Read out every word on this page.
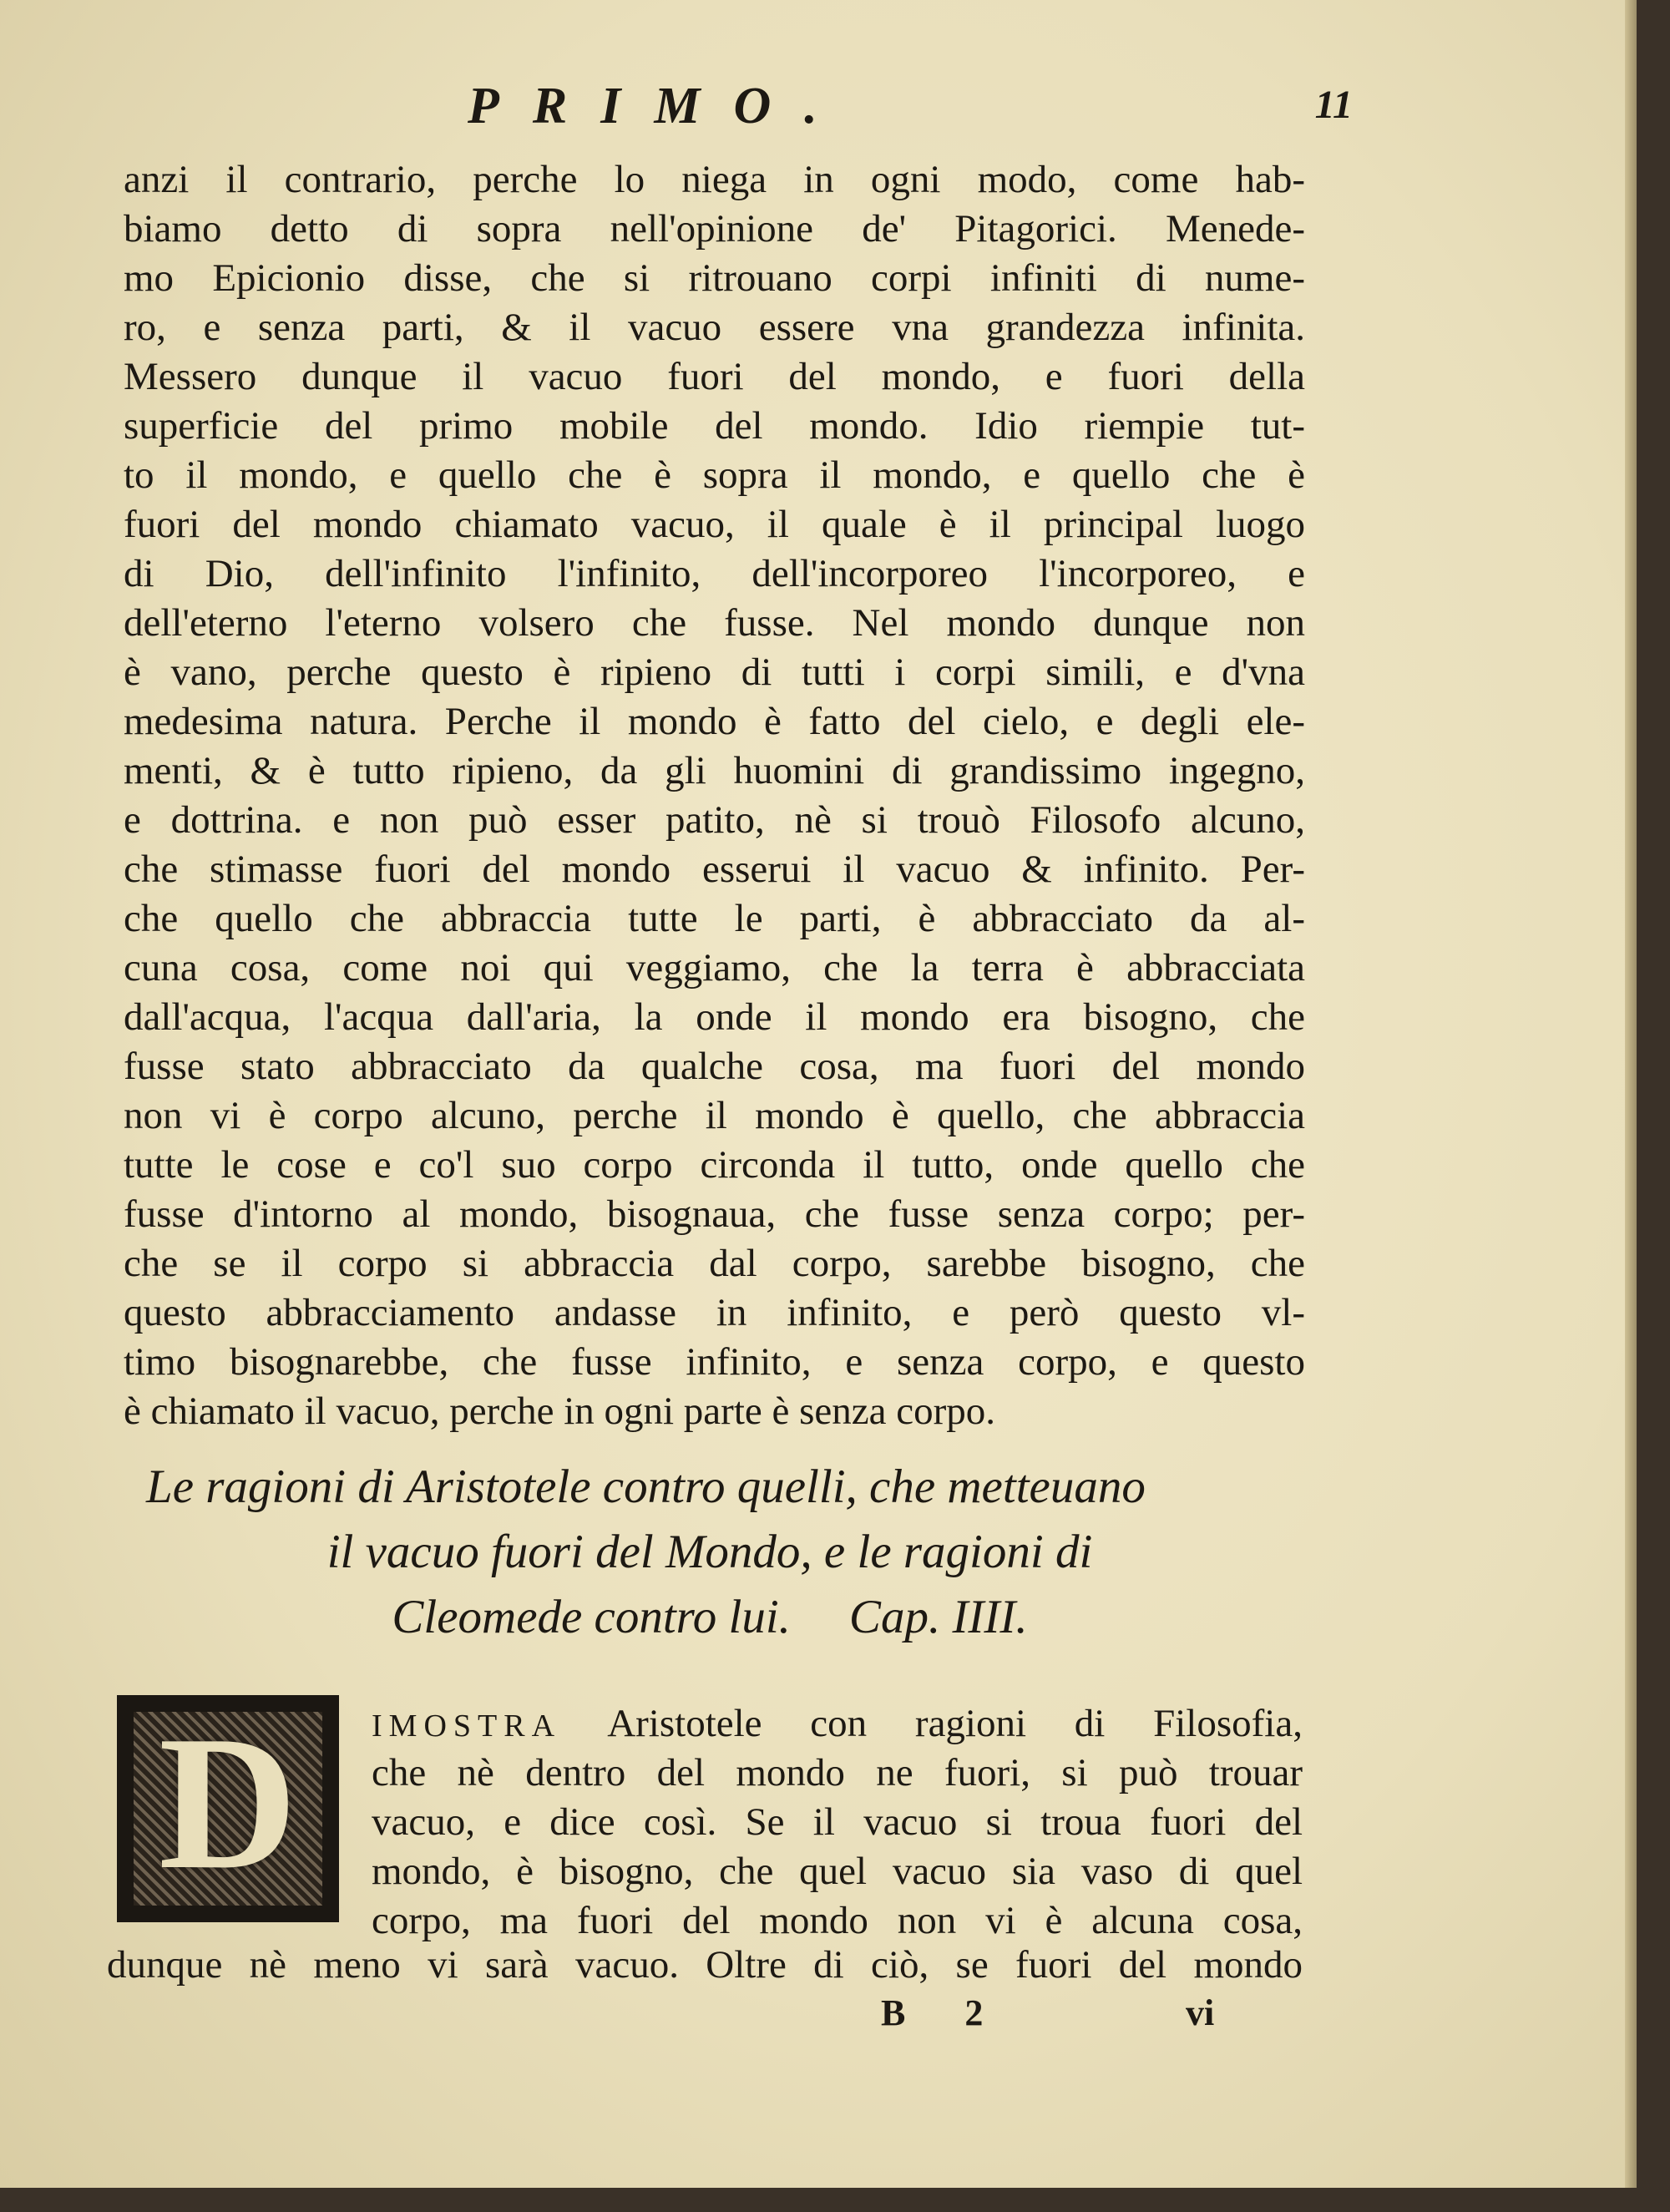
PRIMO.	11
anzi il contrario, perche lo niega in ogni modo, come hab-
biamo detto di sopra nell'opinione de' Pitagorici. Menede-
mo Epicionio disse, che si ritrouano corpi infiniti di nume-
ro, e senza parti, & il vacuo essere vna grandezza infinita.
Messero dunque il vacuo fuori del mondo, e fuori della
superficie del primo mobile del mondo. Idio riempie tut-
to il mondo, e quello che è sopra il mondo, e quello che è
fuori del mondo chiamato vacuo, il quale è il principal luogo
di Dio, dell'infinito l'infinito, dell'incorporeo l'incorporeo, e
dell'eterno l'eterno volsero che fusse. Nel mondo dunque non
è vano, perche questo è ripieno di tutti i corpi simili, e d'vna
medesima natura. Perche il mondo è fatto del cielo, e degli ele-
menti, & è tutto ripieno, da gli huomini di grandissimo ingegno,
e dottrina. e non può esser patito, nè si trouò Filosofo alcuno,
che stimasse fuori del mondo esserui il vacuo & infinito. Per-
che quello che abbraccia tutte le parti, è abbracciato da al-
cuna cosa, come noi qui veggiamo, che la terra è abbracciata
dall'acqua, l'acqua dall'aria, la onde il mondo era bisogno, che
fusse stato abbracciato da qualche cosa, ma fuori del mondo
non vi è corpo alcuno, perche il mondo è quello, che abbraccia
tutte le cose e co'l suo corpo circonda il tutto, onde quello che
fusse d'intorno al mondo, bisognaua, che fusse senza corpo; per-
che se il corpo si abbraccia dal corpo, sarebbe bisogno, che
questo abbracciamento andasse in infinito, e però questo vl-
timo bisognarebbe, che fusse infinito, e senza corpo, e questo
è chiamato il vacuo, perche in ogni parte è senza corpo.
Le ragioni di Aristotele contro quelli, che metteuano
il vacuo fuori del Mondo, e le ragioni di
Cleomede contro lui. Cap. IIII.
D	IMOSTRA Aristotele con ragioni di Filosofia,
che nè dentro del mondo ne fuori, si può trouar
vacuo, e dice così. Se il vacuo si troua fuori del
mondo, è bisogno, che quel vacuo sia vaso di quel
corpo, ma fuori del mondo non vi è alcuna cosa,
dunque nè meno vi sarà vacuo. Oltre di ciò, se fuori del mondo
B 2	vi
